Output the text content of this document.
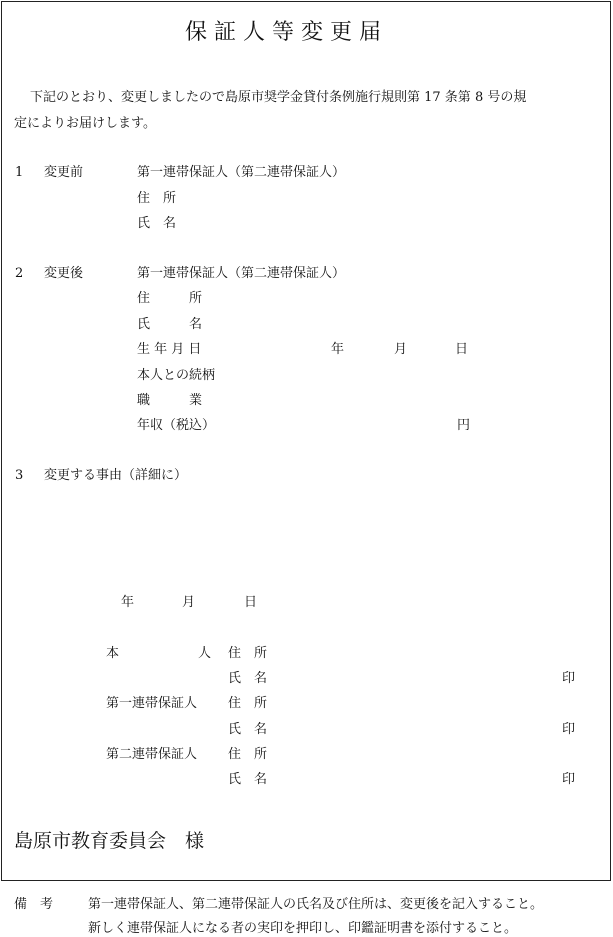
保証人等変更届
下記のとおり、変更しましたので島原市奨学金貸付条例施行規則第 17 条第 8 号の規
定によりお届けします。
1 変更前	第一連帯保証人（第二連帯保証人）
住　所
氏　名
2 変更後	第一連帯保証人（第二連帯保証人）
住　　　所
氏　　　名
生 年 月 日	年	月	日
本人との続柄
職　　　業
年収（税込）	円
3 変更する事由（詳細に）
年	月	日
本	人 住　所
氏　名	印
第一連帯保証人 住　所
氏　名	印
第二連帯保証人 住　所
氏　名	印
島原市教育委員会　様
備　考	第一連帯保証人、第二連帯保証人の氏名及び住所は、変更後を記入すること。
新しく連帯保証人になる者の実印を押印し、印鑑証明書を添付すること。
